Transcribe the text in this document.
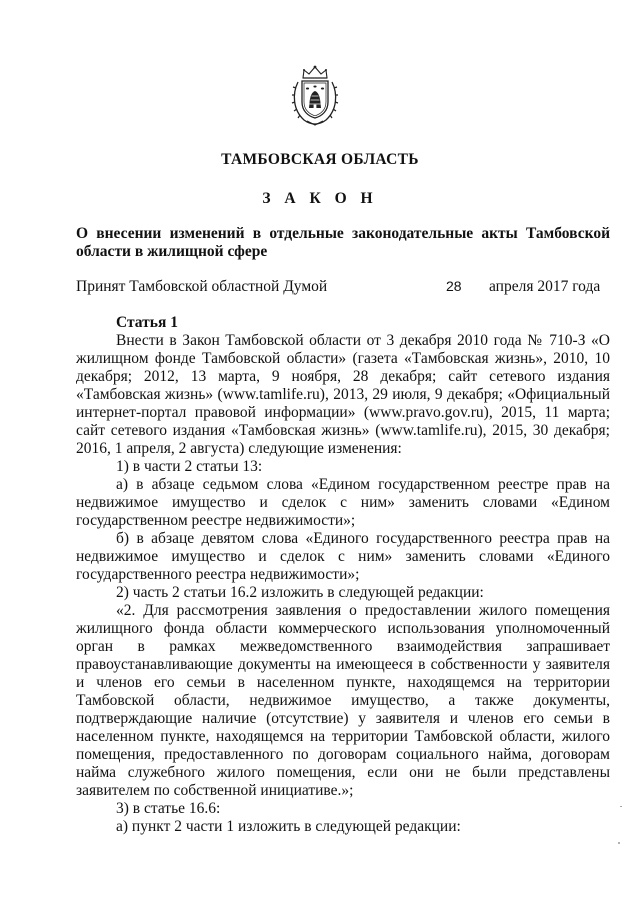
ТАМБОВСКАЯ ОБЛАСТЬ
З А К О Н
О внесении изменений в отдельные законодательные акты Тамбовской области в жилищной сфере
Принят Тамбовской областной Думой	28 апреля 2017 года

Статья 1

Внести в Закон Тамбовской области от 3 декабря 2010 года № 710-З «О жилищном фонде Тамбовской области» (газета «Тамбовская жизнь», 2010, 10 декабря; 2012, 13 марта, 9 ноября, 28 декабря; сайт сетевого издания «Тамбовская жизнь» (www.tamlife.ru), 2013, 29 июля, 9 декабря; «Официальный интернет-портал правовой информации» (www.pravo.gov.ru), 2015, 11 марта; сайт сетевого издания «Тамбовская жизнь» (www.tamlife.ru), 2015, 30 декабря; 2016, 1 апреля, 2 августа) следующие изменения:

1) в части 2 статьи 13:

а) в абзаце седьмом слова «Едином государственном реестре прав на недвижимое имущество и сделок с ним» заменить словами «Едином государственном реестре недвижимости»;

б) в абзаце девятом слова «Единого государственного реестра прав на недвижимое имущество и сделок с ним» заменить словами «Единого государственного реестра недвижимости»;

2) часть 2 статьи 16.2 изложить в следующей редакции:

«2. Для рассмотрения заявления о предоставлении жилого помещения жилищного фонда области коммерческого использования уполномоченный орган в рамках межведомственного взаимодействия запрашивает правоустанавливающие документы на имеющееся в собственности у заявителя и членов его семьи в населенном пункте, находящемся на территории Тамбовской области, недвижимое имущество, а также документы, подтверждающие наличие (отсутствие) у заявителя и членов его семьи в населенном пункте, находящемся на территории Тамбовской области, жилого помещения, предоставленного по договорам социального найма, договорам найма служебного жилого помещения, если они не были представлены заявителем по собственной инициативе.»;

3) в статье 16.6:

а) пункт 2 части 1 изложить в следующей редакции:
